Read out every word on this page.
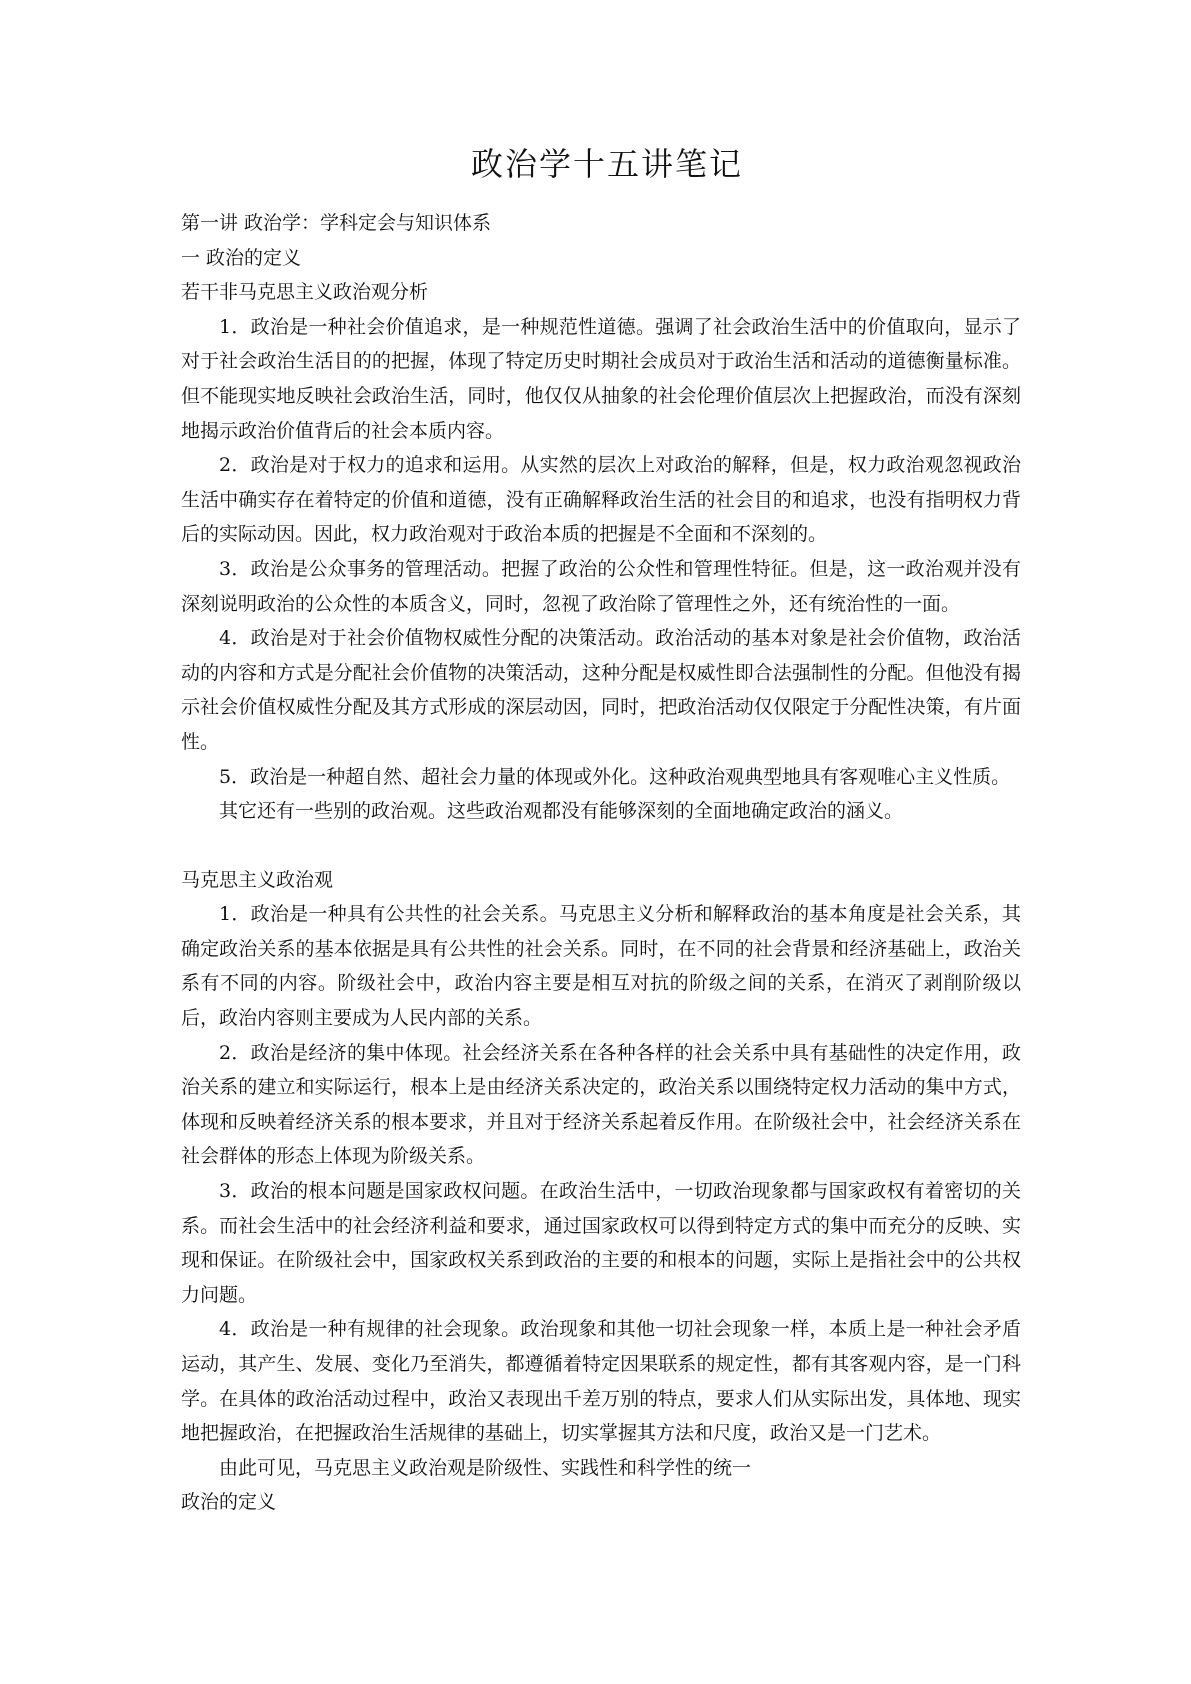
政治学十五讲笔记

第一讲 政治学：学科定会与知识体系

一 政治的定义

若干非马克思主义政治观分析

1．政治是一种社会价值追求，是一种规范性道德。强调了社会政治生活中的价值取向，显示了对于社会政治生活目的的把握，体现了特定历史时期社会成员对于政治生活和活动的道德衡量标准。但不能现实地反映社会政治生活，同时，他仅仅从抽象的社会伦理价值层次上把握政治，而没有深刻地揭示政治价值背后的社会本质内容。

2．政治是对于权力的追求和运用。从实然的层次上对政治的解释，但是，权力政治观忽视政治生活中确实存在着特定的价值和道德，没有正确解释政治生活的社会目的和追求，也没有指明权力背后的实际动因。因此，权力政治观对于政治本质的把握是不全面和不深刻的。

3．政治是公众事务的管理活动。把握了政治的公众性和管理性特征。但是，这一政治观并没有深刻说明政治的公众性的本质含义，同时，忽视了政治除了管理性之外，还有统治性的一面。

4．政治是对于社会价值物权威性分配的决策活动。政治活动的基本对象是社会价值物，政治活动的内容和方式是分配社会价值物的决策活动，这种分配是权威性即合法强制性的分配。但他没有揭示社会价值权威性分配及其方式形成的深层动因，同时，把政治活动仅仅限定于分配性决策，有片面性。

5．政治是一种超自然、超社会力量的体现或外化。这种政治观典型地具有客观唯心主义性质。

其它还有一些别的政治观。这些政治观都没有能够深刻的全面地确定政治的涵义。

马克思主义政治观

1．政治是一种具有公共性的社会关系。马克思主义分析和解释政治的基本角度是社会关系，其确定政治关系的基本依据是具有公共性的社会关系。同时，在不同的社会背景和经济基础上，政治关系有不同的内容。阶级社会中，政治内容主要是相互对抗的阶级之间的关系，在消灭了剥削阶级以后，政治内容则主要成为人民内部的关系。

2．政治是经济的集中体现。社会经济关系在各种各样的社会关系中具有基础性的决定作用，政治关系的建立和实际运行，根本上是由经济关系决定的，政治关系以围绕特定权力活动的集中方式，体现和反映着经济关系的根本要求，并且对于经济关系起着反作用。在阶级社会中，社会经济关系在社会群体的形态上体现为阶级关系。

3．政治的根本问题是国家政权问题。在政治生活中，一切政治现象都与国家政权有着密切的关系。而社会生活中的社会经济利益和要求，通过国家政权可以得到特定方式的集中而充分的反映、实现和保证。在阶级社会中，国家政权关系到政治的主要的和根本的问题，实际上是指社会中的公共权力问题。

4．政治是一种有规律的社会现象。政治现象和其他一切社会现象一样，本质上是一种社会矛盾运动，其产生、发展、变化乃至消失，都遵循着特定因果联系的规定性，都有其客观内容，是一门科学。在具体的政治活动过程中，政治又表现出千差万别的特点，要求人们从实际出发，具体地、现实地把握政治，在把握政治生活规律的基础上，切实掌握其方法和尺度，政治又是一门艺术。

由此可见，马克思主义政治观是阶级性、实践性和科学性的统一

政治的定义
